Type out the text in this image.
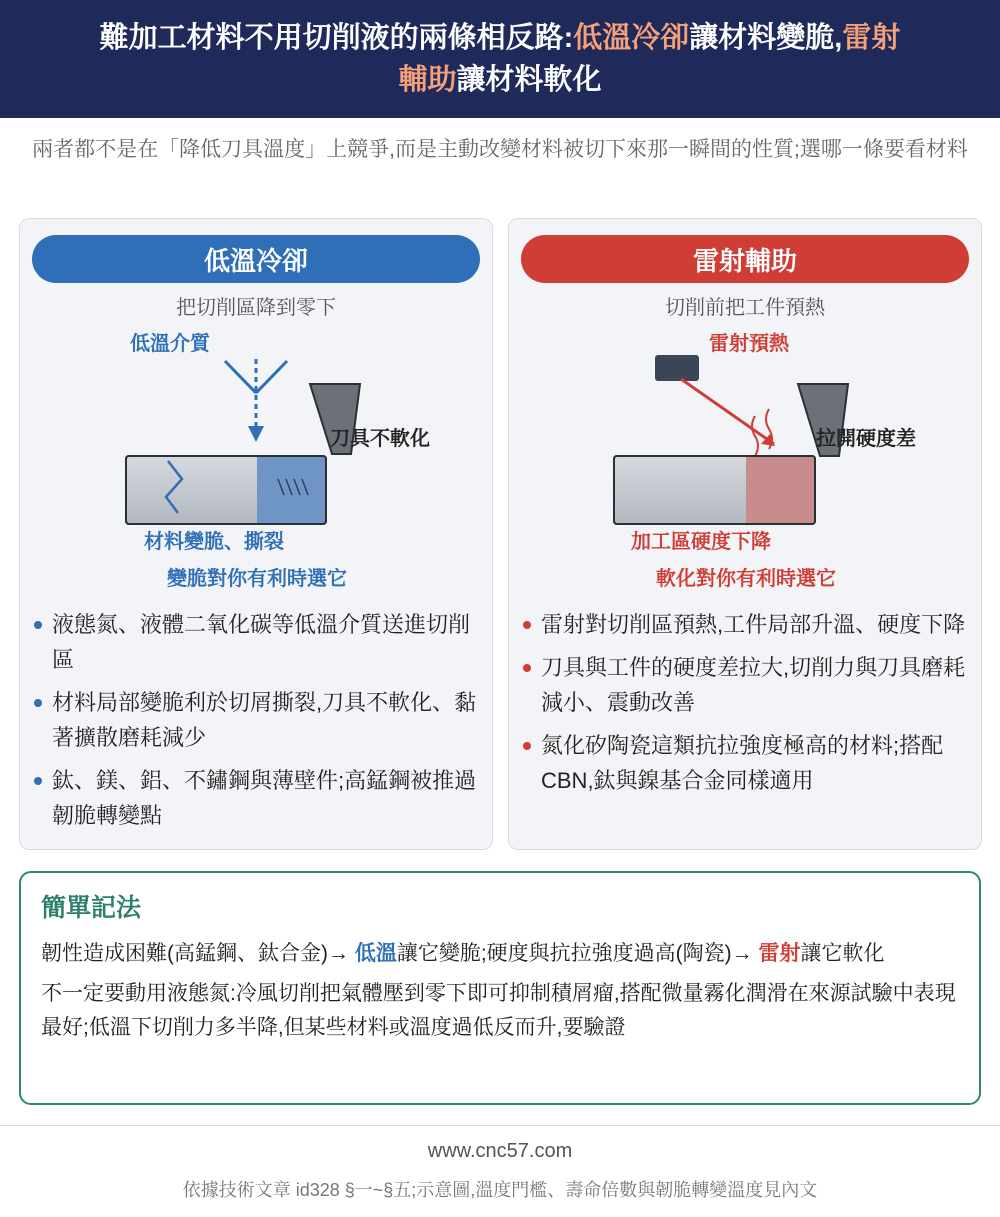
難加工材料不用切削液的兩條相反路:低溫冷卻讓材料變脆,雷射
輔助讓材料軟化
兩者都不是在「降低刀具溫度」上競爭,而是主動改變材料被切下來那一瞬間的性質;選哪一條要看材料
低溫冷卻
把切削區降到零下
低溫介質
刀具不軟化
材料變脆、撕裂
變脆對你有利時選它
液態氮、液體二氧化碳等低溫介質送進切削區
材料局部變脆利於切屑撕裂,刀具不軟化、黏著擴散磨耗減少
鈦、鎂、鋁、不鏽鋼與薄壁件;高錳鋼被推過韌脆轉變點
雷射輔助
切削前把工件預熱
雷射預熱
拉開硬度差
加工區硬度下降
軟化對你有利時選它
雷射對切削區預熱,工件局部升溫、硬度下降
刀具與工件的硬度差拉大,切削力與刀具磨耗減小、震動改善
氮化矽陶瓷這類抗拉強度極高的材料;搭配 CBN,鈦與鎳基合金同樣適用
簡單記法
韌性造成困難(高錳鋼、鈦合金)→ 低溫讓它變脆;硬度與抗拉強度過高(陶瓷)→ 雷射讓它軟化
不一定要動用液態氮:冷風切削把氣體壓到零下即可抑制積屑瘤,搭配微量霧化潤滑在來源試驗中表現最好;低溫下切削力多半降,但某些材料或溫度過低反而升,要驗證
www.cnc57.com
依據技術文章 id328 §一~§五;示意圖,溫度門檻、壽命倍數與韌脆轉變溫度見內文
